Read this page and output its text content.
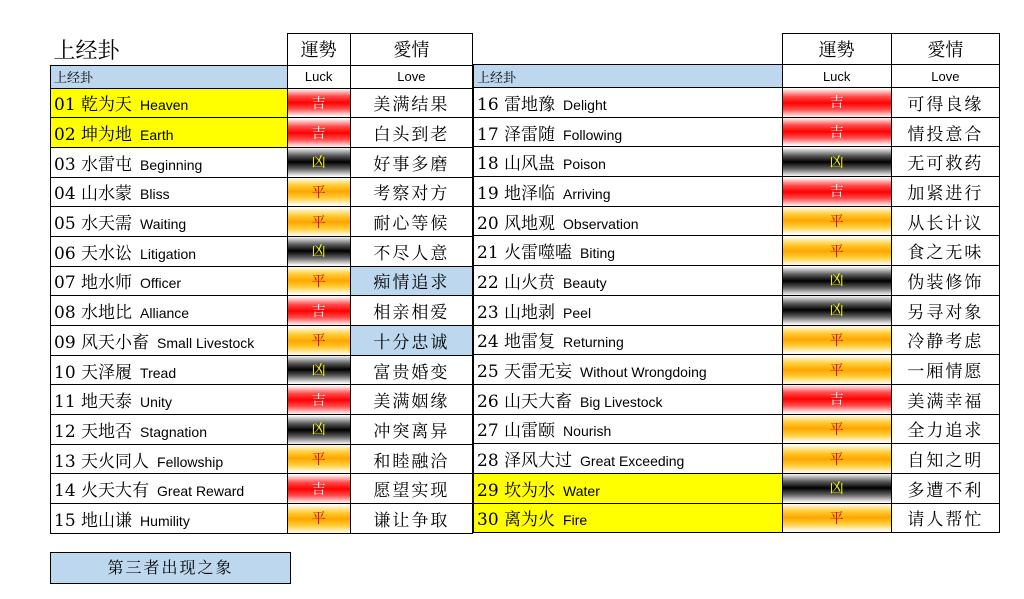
上经卦	運勢	愛情
上经卦	Luck	Love
01 乾为天 Heaven	吉	美满结果
02 坤为地 Earth	吉	白头到老
03 水雷屯 Beginning	凶	好事多磨
04 山水蒙 Bliss	平	考察对方
05 水天需 Waiting	平	耐心等候
06 天水讼 Litigation	凶	不尽人意
07 地水师 Officer	平	痴情追求
08 水地比 Alliance	吉	相亲相爱
09 风天小畜 Small Livestock	平	十分忠诚
10 天泽履 Tread	凶	富贵婚变
11 地天泰 Unity	吉	美满姻缘
12 天地否 Stagnation	凶	冲突离异
13 天火同人 Fellowship	平	和睦融洽
14 火天大有 Great Reward	吉	愿望实现
15 地山谦 Humility	平	谦让争取
	運勢	愛情
上经卦	Luck	Love
16 雷地豫 Delight	吉	可得良缘
17 泽雷随 Following	吉	情投意合
18 山风蛊 Poison	凶	无可救药
19 地泽临 Arriving	吉	加紧进行
20 风地观 Observation	平	从长计议
21 火雷噬嗑 Biting	平	食之无味
22 山火贲 Beauty	凶	伪装修饰
23 山地剥 Peel	凶	另寻对象
24 地雷复 Returning	平	冷静考虑
25 天雷无妄 Without Wrongdoing	平	一厢情愿
26 山天大畜 Big Livestock	吉	美满幸福
27 山雷颐 Nourish	平	全力追求
28 泽风大过 Great Exceeding	平	自知之明
29 坎为水 Water	凶	多遭不利
30 离为火 Fire	平	请人帮忙
第三者出现之象
